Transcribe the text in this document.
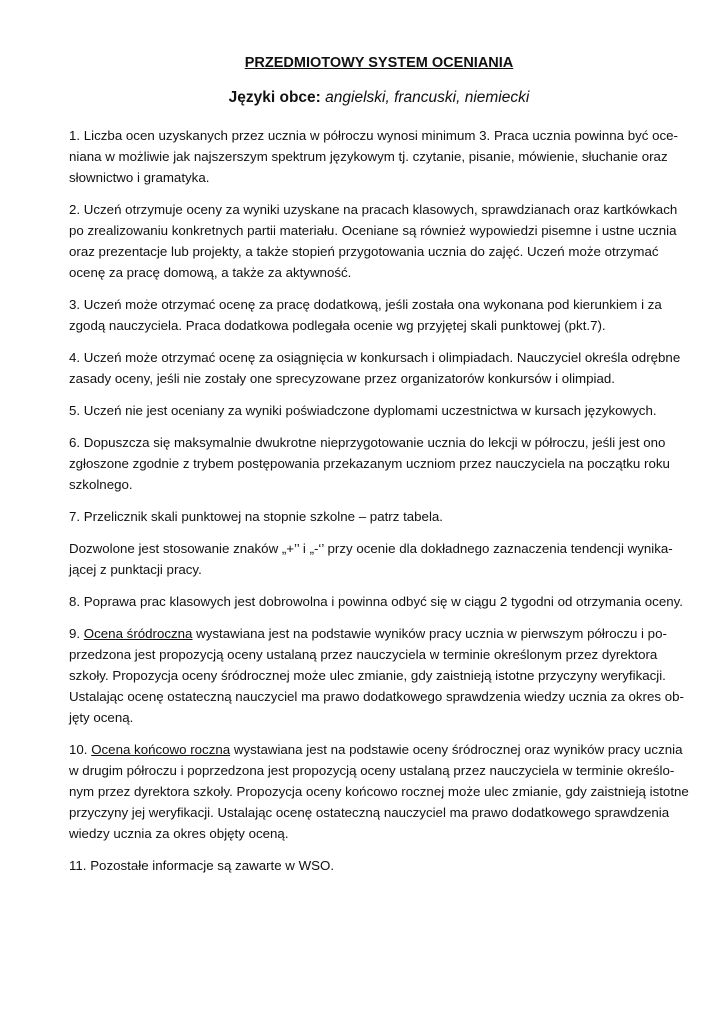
PRZEDMIOTOWY SYSTEM OCENIANIA
Języki obce: angielski, francuski, niemiecki

1. Liczba ocen uzyskanych przez ucznia w półroczu wynosi minimum 3. Praca ucznia powinna być oce-
niana w możliwie jak najszerszym spektrum językowym tj. czytanie, pisanie, mówienie, słuchanie oraz
słownictwo i gramatyka.

2. Uczeń otrzymuje oceny za wyniki uzyskane na pracach klasowych, sprawdzianach oraz kartkówkach
po zrealizowaniu konkretnych partii materiału. Oceniane są również wypowiedzi pisemne i ustne ucznia
oraz prezentacje lub projekty, a także stopień przygotowania ucznia do zajęć. Uczeń może otrzymać
ocenę za pracę domową, a także za aktywność.

3. Uczeń może otrzymać ocenę za pracę dodatkową, jeśli została ona wykonana pod kierunkiem i za
zgodą nauczyciela. Praca dodatkowa podlegała ocenie wg przyjętej skali punktowej (pkt.7).

4. Uczeń może otrzymać ocenę za osiągnięcia w konkursach i olimpiadach. Nauczyciel określa odrębne
zasady oceny, jeśli nie zostały one sprecyzowane przez organizatorów konkursów i olimpiad.

5. Uczeń nie jest oceniany za wyniki poświadczone dyplomami uczestnictwa w kursach językowych.

6. Dopuszcza się maksymalnie dwukrotne nieprzygotowanie ucznia do lekcji w półroczu, jeśli jest ono
zgłoszone zgodnie z trybem postępowania przekazanym uczniom przez nauczyciela na początku roku
szkolnego.

7. Przelicznik skali punktowej na stopnie szkolne – patrz tabela.

Dozwolone jest stosowanie znaków „+’’ i „-‘’ przy ocenie dla dokładnego zaznaczenia tendencji wynika-
jącej z punktacji pracy.

8. Poprawa prac klasowych jest dobrowolna i powinna odbyć się w ciągu 2 tygodni od otrzymania oceny.

9. Ocena śródroczna wystawiana jest na podstawie wyników pracy ucznia w pierwszym półroczu i po-
przedzona jest propozycją oceny ustalaną przez nauczyciela w terminie określonym przez dyrektora
szkoły. Propozycja oceny śródrocznej może ulec zmianie, gdy zaistnieją istotne przyczyny weryfikacji.
Ustalając ocenę ostateczną nauczyciel ma prawo dodatkowego sprawdzenia wiedzy ucznia za okres ob-
jęty oceną.

10. Ocena końcowo roczna wystawiana jest na podstawie oceny śródrocznej oraz wyników pracy ucznia
w drugim półroczu i poprzedzona jest propozycją oceny ustalaną przez nauczyciela w terminie określo-
nym przez dyrektora szkoły. Propozycja oceny końcowo rocznej może ulec zmianie, gdy zaistnieją istotne
przyczyny jej weryfikacji. Ustalając ocenę ostateczną nauczyciel ma prawo dodatkowego sprawdzenia
wiedzy ucznia za okres objęty oceną.

11. Pozostałe informacje są zawarte w WSO.
